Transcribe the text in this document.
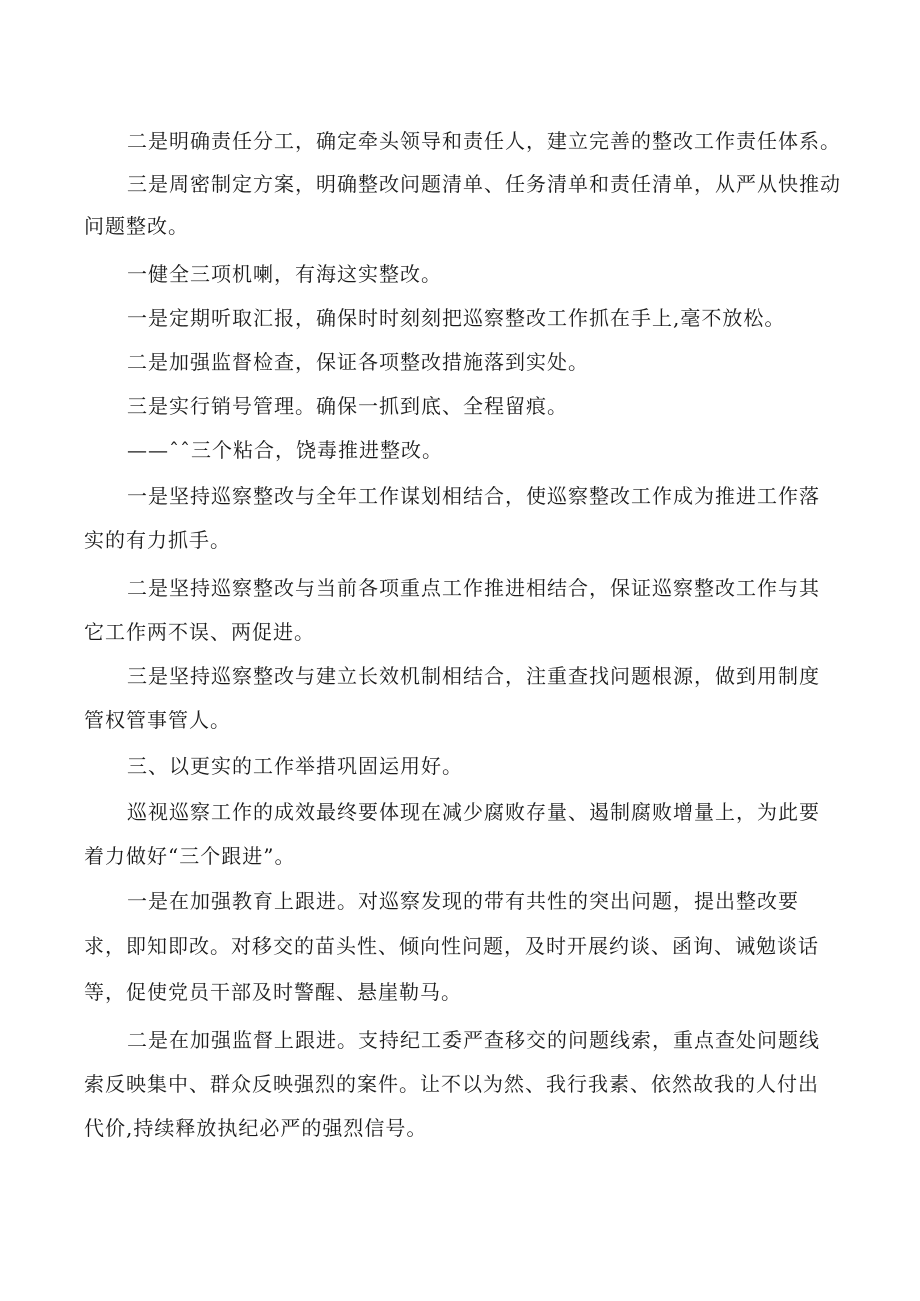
二是明确责任分工，确定牵头领导和责任人，建立完善的整改工作责任体系。
三是周密制定方案，明确整改问题清单、任务清单和责任清单，从严从快推动
问题整改。
一健全三项机喇，有海这实整改。
一是定期听取汇报，确保时时刻刻把巡察整改工作抓在手上,毫不放松。
二是加强监督检查，保证各项整改措施落到实处。
三是实行销号管理。确保一抓到底、全程留痕。
——ˆˆ三个粘合，饶毒推进整改。
一是坚持巡察整改与全年工作谋划相结合，使巡察整改工作成为推进工作落
实的有力抓手。
二是坚持巡察整改与当前各项重点工作推进相结合，保证巡察整改工作与其
它工作两不误、两促进。
三是坚持巡察整改与建立长效机制相结合，注重查找问题根源，做到用制度
管权管事管人。
三、以更实的工作举措巩固运用好。
巡视巡察工作的成效最终要体现在减少腐败存量、遏制腐败增量上，为此要
着力做好“三个跟进”。
一是在加强教育上跟进。对巡察发现的带有共性的突出问题，提出整改要
求，即知即改。对移交的苗头性、倾向性问题，及时开展约谈、函询、诫勉谈话
等，促使党员干部及时警醒、悬崖勒马。
二是在加强监督上跟进。支持纪工委严查移交的问题线索，重点查处问题线
索反映集中、群众反映强烈的案件。让不以为然、我行我素、依然故我的人付出
代价,持续释放执纪必严的强烈信号。
